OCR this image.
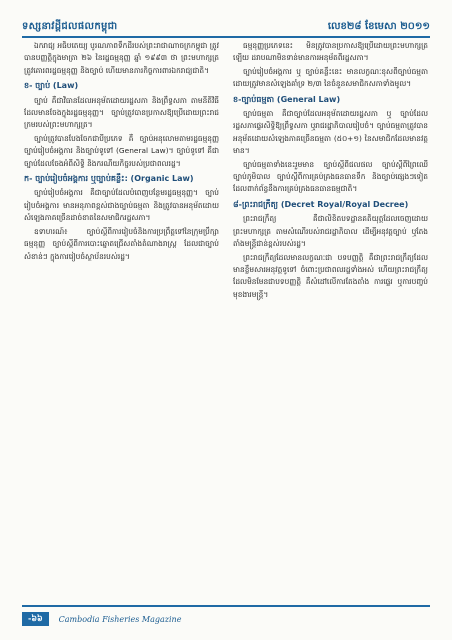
ទស្សនាវដ្តីជលផលកម្ពុជា	លេខ២៨ ខែមេសា ២០១១

ឯករាជ្យ អធិបតេយ្យ បូរណភាពទឹកដីរបស់ព្រះរាជាណាចក្រកម្ពុជា ត្រូវបានបញ្ញត្តិក្នុងមាត្រា ២៦ នៃរដ្ឋធម្មនុញ្ញ ឆ្នាំ ១៩៩៣ ថា ព្រះមហាក្សត្រ ត្រូវគោរពរដ្ឋធម្មនុញ្ញ និងច្បាប់ ហើយមានភារកិច្ចការពារឯករាជ្យជាតិ។

ខ- ច្បាប់ (Law)

ច្បាប់ គឺជាវិធានដែលអនុម័តដោយរដ្ឋសភា និងព្រឹទ្ធសភា តាមនីតិវិធីដែលមានចែងក្នុងរដ្ឋធម្មនុញ្ញ។ ច្បាប់ត្រូវបានប្រកាសឱ្យប្រើដោយព្រះរាជក្រមរបស់ព្រះមហាក្សត្រ។

ច្បាប់ត្រូវបានបែងចែកជាបីប្រភេទ គឺ ច្បាប់អនុលោមតាមរដ្ឋធម្មនុញ្ញ ច្បាប់រៀបចំអង្គការ និងច្បាប់ទូទៅ (General Law)។ ច្បាប់ទូទៅ គឺជាច្បាប់ដែលចែងអំពីសិទ្ធិ និងករណីយកិច្ចរបស់ប្រជាពលរដ្ឋ។

ក- ច្បាប់រៀបចំអង្គការ ឬច្បាប់គន្លឹះ: (Organic Law)

ច្បាប់រៀបចំអង្គការ គឺជាច្បាប់ដែលបំពេញបន្ថែមរដ្ឋធម្មនុញ្ញ។ ច្បាប់រៀបចំអង្គការ មានអនុភាពខ្ពស់ជាងច្បាប់ធម្មតា និងត្រូវបានអនុម័តដោយសំឡេងភាគច្រើនដាច់ខាតនៃសមាជិករដ្ឋសភា។

ឧទាហរណ៍៖ ច្បាប់ស្តីពីការរៀបចំនិងការប្រព្រឹត្តទៅនៃក្រុមប្រឹក្សាធម្មនុញ្ញ ច្បាប់ស្តីពីការបោះឆ្នោតជ្រើសតាំងតំណាងរាស្ត្រ ដែលជាច្បាប់សំខាន់ៗ ក្នុងការរៀបចំស្ថាប័នរបស់រដ្ឋ។

ធម្មនុញ្ញប្រភេទនេះ មិនត្រូវបានប្រកាសឱ្យប្រើដោយព្រះមហាក្សត្រឡើយ ដរាបណាមិនទាន់មានការអនុម័តពីរដ្ឋសភា។

ច្បាប់រៀបចំអង្គការ ឬ ច្បាប់គន្លឹះនេះ មានលក្ខណៈខុសពីច្បាប់ធម្មតា ដោយត្រូវមានសំឡេងគាំទ្រ ២/៣ នៃចំនួនសមាជិកសភាទាំងមូល។

ខ-ច្បាប់ធម្មតា (General Law)

ច្បាប់ធម្មតា គឺជាច្បាប់ដែលអនុម័តដោយរដ្ឋសភា ឬ ច្បាប់ដែលរដ្ឋសភាផ្ទេរសិទ្ធិឱ្យព្រឹទ្ធសភា ឬរាជរដ្ឋាភិបាលរៀបចំ។ ច្បាប់ធម្មតាត្រូវបានអនុម័តដោយសំឡេងភាគច្រើនធម្មតា (៥០+១) នៃសមាជិកដែលមានវត្តមាន។

ច្បាប់ធម្មតាទាំងនេះរួមមាន ច្បាប់ស្តីពីជលផល ច្បាប់ស្តីពីព្រៃឈើ ច្បាប់ភូមិបាល ច្បាប់ស្តីពីការគ្រប់គ្រងធនធានទឹក និងច្បាប់ផ្សេងៗទៀត ដែលពាក់ព័ន្ធនឹងការគ្រប់គ្រងធនធានធម្មជាតិ។

៨-ព្រះរាជក្រឹត្យ (Decret Royal/Royal Decree)

ព្រះរាជក្រឹត្យ គឺជាលិខិតបទដ្ឋានគតិយុត្តដែលចេញដោយព្រះមហាក្សត្រ តាមសំណើរបស់រាជរដ្ឋាភិបាល ដើម្បីអនុវត្តច្បាប់ ឬតែងតាំងមន្ត្រីជាន់ខ្ពស់របស់រដ្ឋ។

ព្រះរាជក្រឹត្យដែលមានលក្ខណៈជា បទបញ្ញត្តិ គឺជាព្រះរាជក្រឹត្យដែលមានខ្លឹមសារអនុវត្តទូទៅ ចំពោះប្រជាពលរដ្ឋទាំងអស់ ហើយព្រះរាជក្រឹត្យដែលមិនមែនជាបទបញ្ញត្តិ គឺសំដៅលើការតែងតាំង ការផ្ទេរ ឬការបញ្ចប់មុខងារមន្ត្រី។

-៦៦	Cambodia Fisheries Magazine
